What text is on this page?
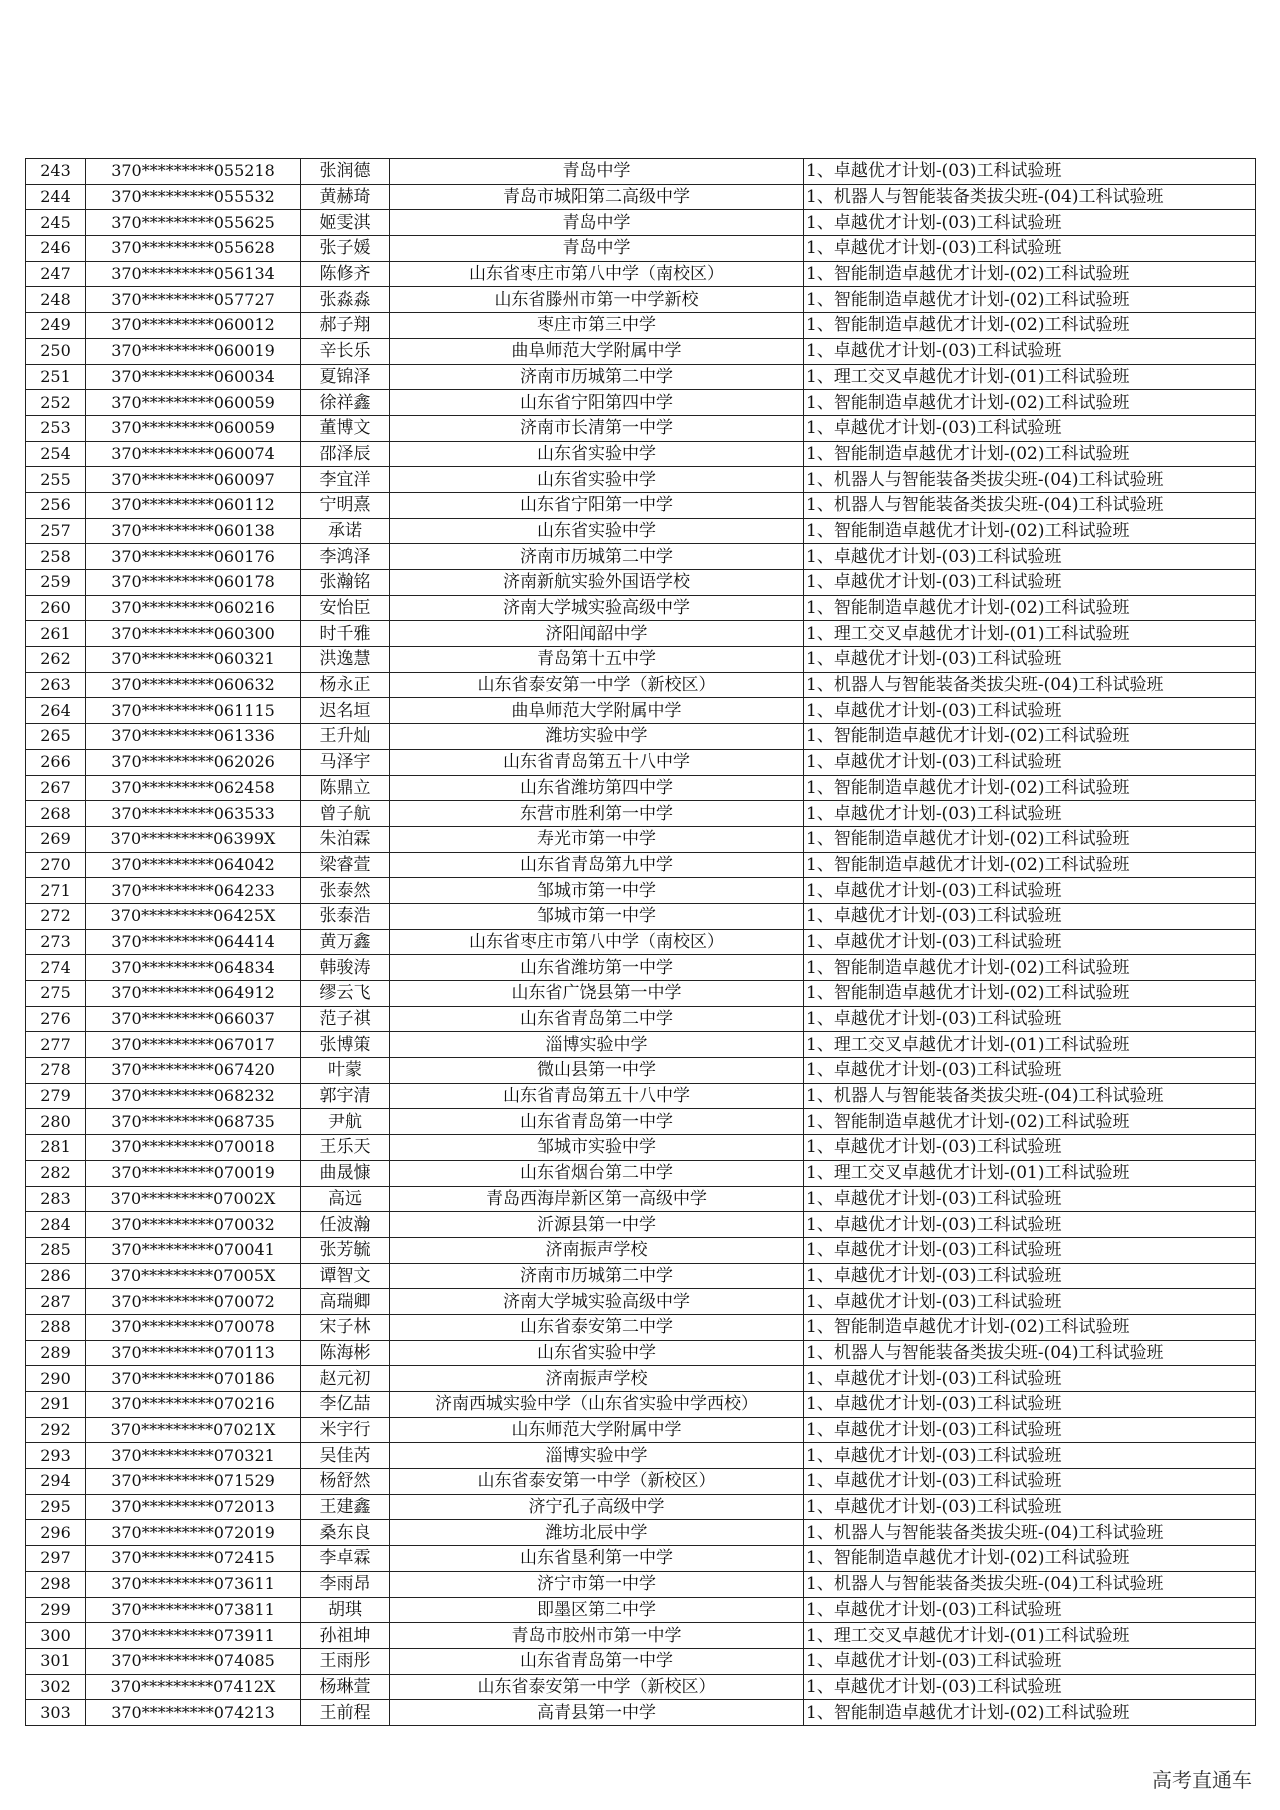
243	370*********055218	张润德	青岛中学	1、卓越优才计划-(03)工科试验班
244	370*********055532	黄赫琦	青岛市城阳第二高级中学	1、机器人与智能装备类拔尖班-(04)工科试验班
245	370*********055625	姬雯淇	青岛中学	1、卓越优才计划-(03)工科试验班
246	370*********055628	张子媛	青岛中学	1、卓越优才计划-(03)工科试验班
247	370*********056134	陈修齐	山东省枣庄市第八中学（南校区）	1、智能制造卓越优才计划-(02)工科试验班
248	370*********057727	张淼淼	山东省滕州市第一中学新校	1、智能制造卓越优才计划-(02)工科试验班
249	370*********060012	郝子翔	枣庄市第三中学	1、智能制造卓越优才计划-(02)工科试验班
250	370*********060019	辛长乐	曲阜师范大学附属中学	1、卓越优才计划-(03)工科试验班
251	370*********060034	夏锦泽	济南市历城第二中学	1、理工交叉卓越优才计划-(01)工科试验班
252	370*********060059	徐祥鑫	山东省宁阳第四中学	1、智能制造卓越优才计划-(02)工科试验班
253	370*********060059	董博文	济南市长清第一中学	1、卓越优才计划-(03)工科试验班
254	370*********060074	邵泽辰	山东省实验中学	1、智能制造卓越优才计划-(02)工科试验班
255	370*********060097	李宜洋	山东省实验中学	1、机器人与智能装备类拔尖班-(04)工科试验班
256	370*********060112	宁明熹	山东省宁阳第一中学	1、机器人与智能装备类拔尖班-(04)工科试验班
257	370*********060138	承诺	山东省实验中学	1、智能制造卓越优才计划-(02)工科试验班
258	370*********060176	李鸿泽	济南市历城第二中学	1、卓越优才计划-(03)工科试验班
259	370*********060178	张瀚铭	济南新航实验外国语学校	1、卓越优才计划-(03)工科试验班
260	370*********060216	安怡臣	济南大学城实验高级中学	1、智能制造卓越优才计划-(02)工科试验班
261	370*********060300	时千雅	济阳闻韶中学	1、理工交叉卓越优才计划-(01)工科试验班
262	370*********060321	洪逸慧	青岛第十五中学	1、卓越优才计划-(03)工科试验班
263	370*********060632	杨永正	山东省泰安第一中学（新校区）	1、机器人与智能装备类拔尖班-(04)工科试验班
264	370*********061115	迟名垣	曲阜师范大学附属中学	1、卓越优才计划-(03)工科试验班
265	370*********061336	王升灿	潍坊实验中学	1、智能制造卓越优才计划-(02)工科试验班
266	370*********062026	马泽宇	山东省青岛第五十八中学	1、卓越优才计划-(03)工科试验班
267	370*********062458	陈鼎立	山东省潍坊第四中学	1、智能制造卓越优才计划-(02)工科试验班
268	370*********063533	曾子航	东营市胜利第一中学	1、卓越优才计划-(03)工科试验班
269	370*********06399X	朱泊霖	寿光市第一中学	1、智能制造卓越优才计划-(02)工科试验班
270	370*********064042	梁睿萱	山东省青岛第九中学	1、智能制造卓越优才计划-(02)工科试验班
271	370*********064233	张泰然	邹城市第一中学	1、卓越优才计划-(03)工科试验班
272	370*********06425X	张泰浩	邹城市第一中学	1、卓越优才计划-(03)工科试验班
273	370*********064414	黄万鑫	山东省枣庄市第八中学（南校区）	1、卓越优才计划-(03)工科试验班
274	370*********064834	韩骏涛	山东省潍坊第一中学	1、智能制造卓越优才计划-(02)工科试验班
275	370*********064912	缪云飞	山东省广饶县第一中学	1、智能制造卓越优才计划-(02)工科试验班
276	370*********066037	范子祺	山东省青岛第二中学	1、卓越优才计划-(03)工科试验班
277	370*********067017	张博策	淄博实验中学	1、理工交叉卓越优才计划-(01)工科试验班
278	370*********067420	叶蒙	微山县第一中学	1、卓越优才计划-(03)工科试验班
279	370*********068232	郭宇清	山东省青岛第五十八中学	1、机器人与智能装备类拔尖班-(04)工科试验班
280	370*********068735	尹航	山东省青岛第一中学	1、智能制造卓越优才计划-(02)工科试验班
281	370*********070018	王乐天	邹城市实验中学	1、卓越优才计划-(03)工科试验班
282	370*********070019	曲晟慷	山东省烟台第二中学	1、理工交叉卓越优才计划-(01)工科试验班
283	370*********07002X	高远	青岛西海岸新区第一高级中学	1、卓越优才计划-(03)工科试验班
284	370*********070032	任波瀚	沂源县第一中学	1、卓越优才计划-(03)工科试验班
285	370*********070041	张芳毓	济南振声学校	1、卓越优才计划-(03)工科试验班
286	370*********07005X	谭智文	济南市历城第二中学	1、卓越优才计划-(03)工科试验班
287	370*********070072	高瑞卿	济南大学城实验高级中学	1、卓越优才计划-(03)工科试验班
288	370*********070078	宋子林	山东省泰安第二中学	1、智能制造卓越优才计划-(02)工科试验班
289	370*********070113	陈海彬	山东省实验中学	1、机器人与智能装备类拔尖班-(04)工科试验班
290	370*********070186	赵元初	济南振声学校	1、卓越优才计划-(03)工科试验班
291	370*********070216	李亿喆	济南西城实验中学（山东省实验中学西校）	1、卓越优才计划-(03)工科试验班
292	370*********07021X	米宇行	山东师范大学附属中学	1、卓越优才计划-(03)工科试验班
293	370*********070321	吴佳芮	淄博实验中学	1、卓越优才计划-(03)工科试验班
294	370*********071529	杨舒然	山东省泰安第一中学（新校区）	1、卓越优才计划-(03)工科试验班
295	370*********072013	王建鑫	济宁孔子高级中学	1、卓越优才计划-(03)工科试验班
296	370*********072019	桑东良	潍坊北辰中学	1、机器人与智能装备类拔尖班-(04)工科试验班
297	370*********072415	李卓霖	山东省垦利第一中学	1、智能制造卓越优才计划-(02)工科试验班
298	370*********073611	李雨昂	济宁市第一中学	1、机器人与智能装备类拔尖班-(04)工科试验班
299	370*********073811	胡琪	即墨区第二中学	1、卓越优才计划-(03)工科试验班
300	370*********073911	孙祖坤	青岛市胶州市第一中学	1、理工交叉卓越优才计划-(01)工科试验班
301	370*********074085	王雨彤	山东省青岛第一中学	1、卓越优才计划-(03)工科试验班
302	370*********07412X	杨琳萱	山东省泰安第一中学（新校区）	1、卓越优才计划-(03)工科试验班
303	370*********074213	王前程	高青县第一中学	1、智能制造卓越优才计划-(02)工科试验班
高考直通车
